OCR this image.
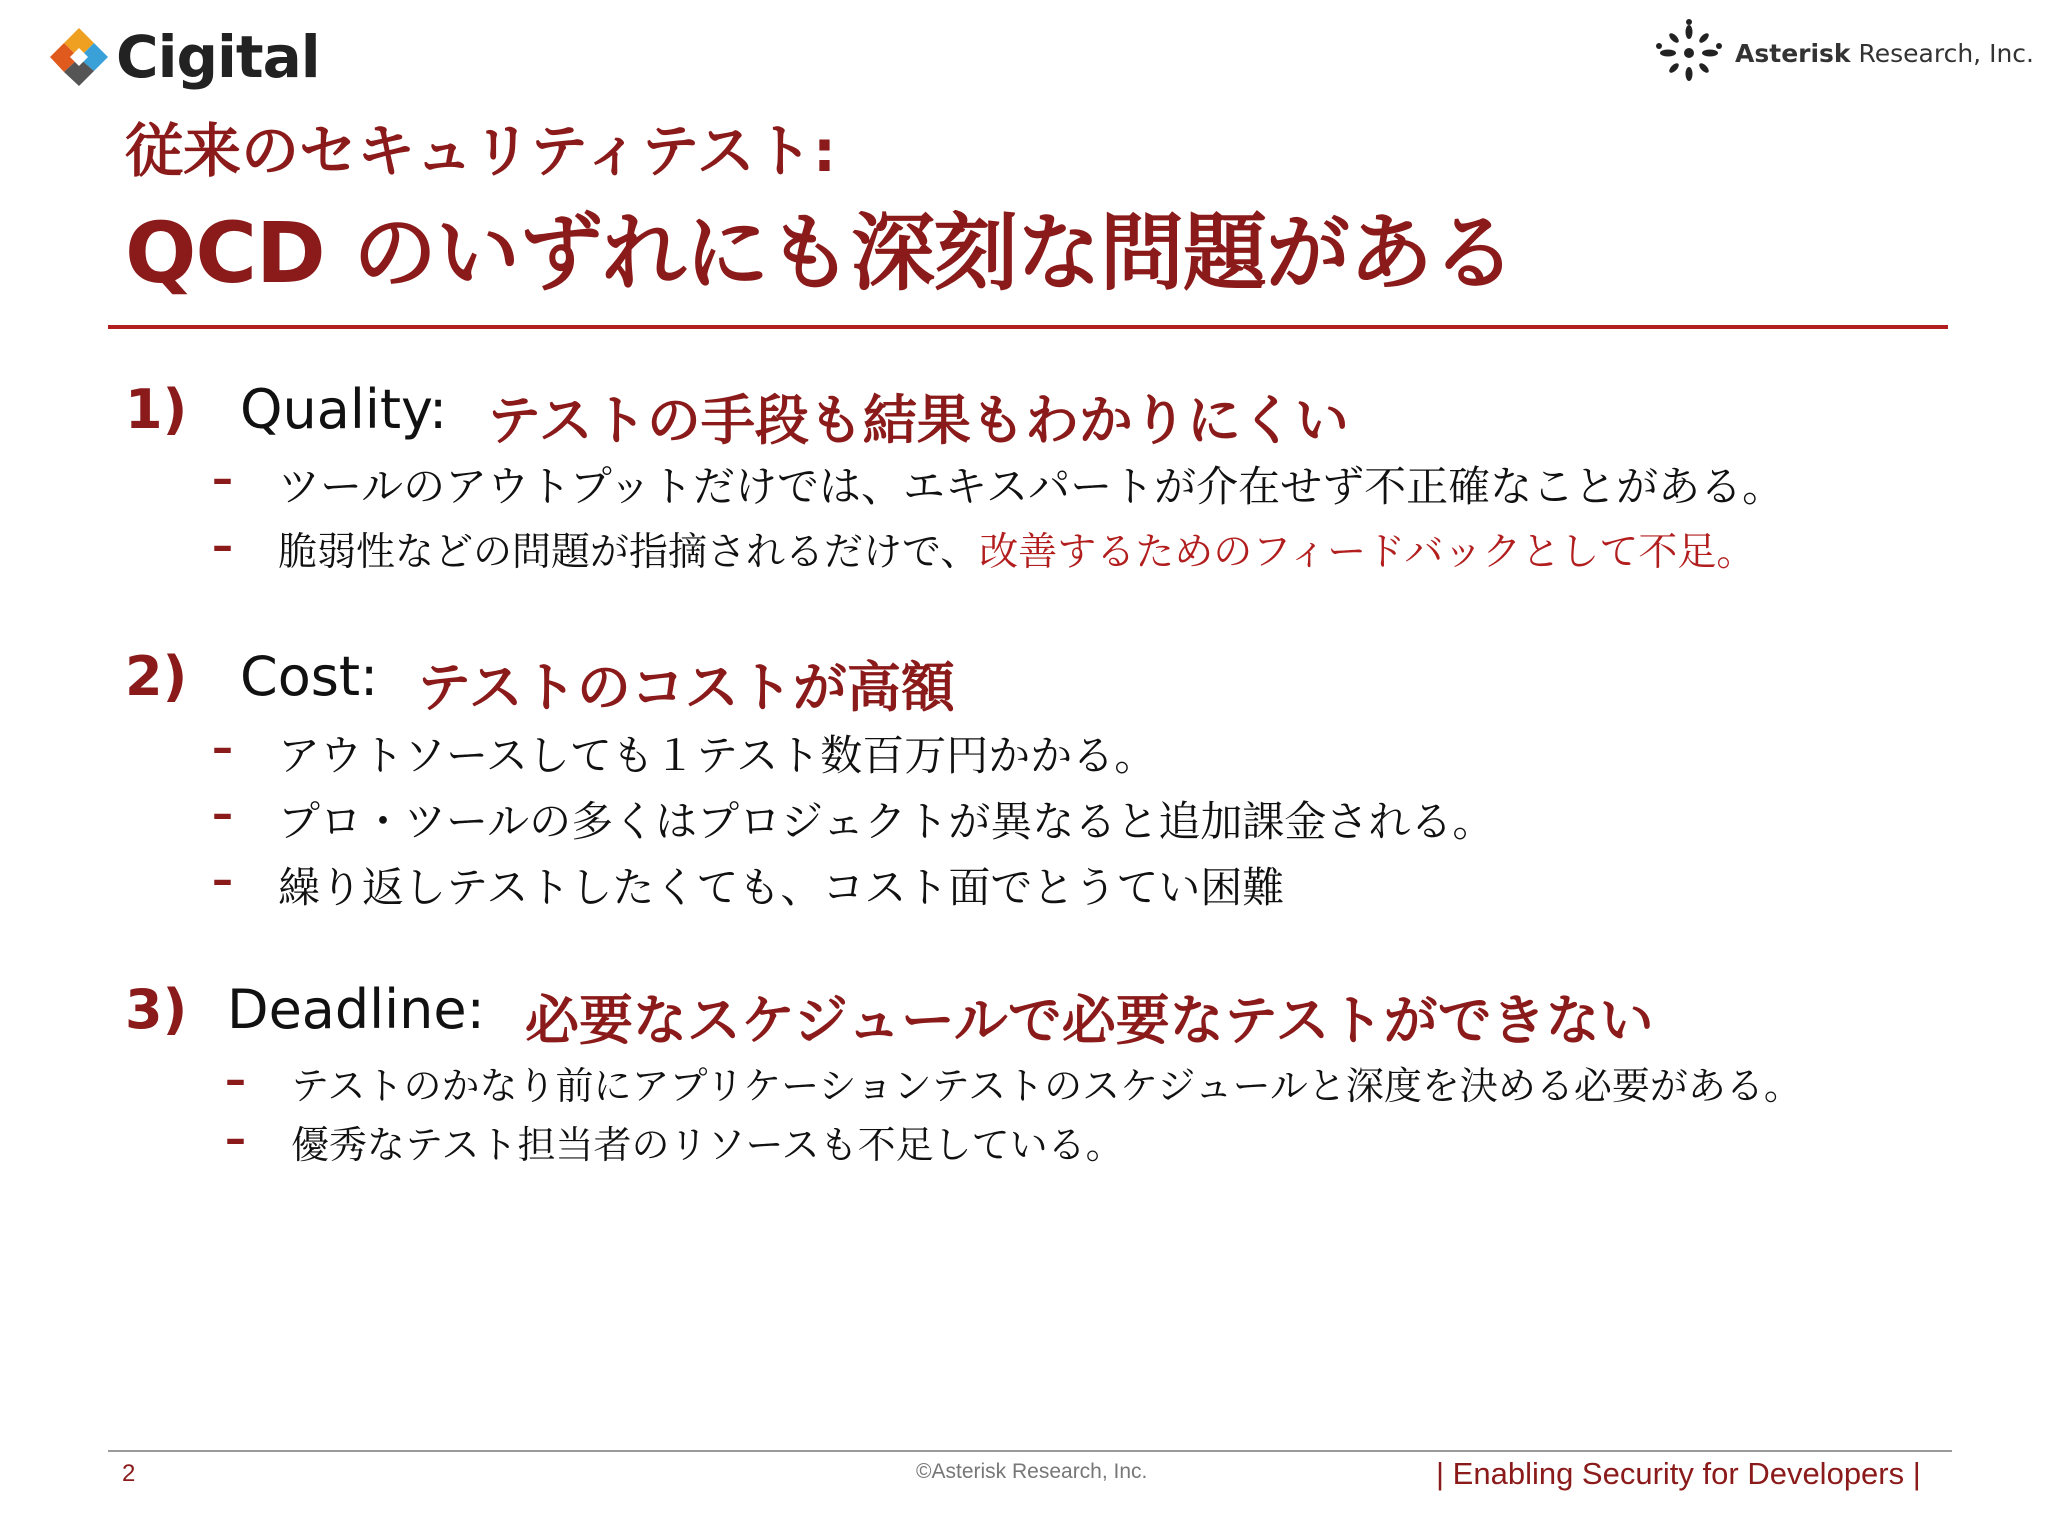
Cigital	Asterisk Research, Inc.
従来のセキュリティテスト:
QCD のいずれにも深刻な問題がある
1) Quality: テストの手段も結果もわかりにくい
– ツールのアウトプットだけでは、エキスパートが介在せず不正確なことがある。
– 脆弱性などの問題が指摘されるだけで、改善するためのフィードバックとして不足。
2) Cost: テストのコストが高額
– アウトソースしても１テスト数百万円かかる。
– プロ・ツールの多くはプロジェクトが異なると追加課金される。
– 繰り返しテストしたくても、コスト面でとうてい困難
3) Deadline: 必要なスケジュールで必要なテストができない
– テストのかなり前にアプリケーションテストのスケジュールと深度を決める必要がある。
– 優秀なテスト担当者のリソースも不足している。
2	©Asterisk Research, Inc.	| Enabling Security for Developers |
